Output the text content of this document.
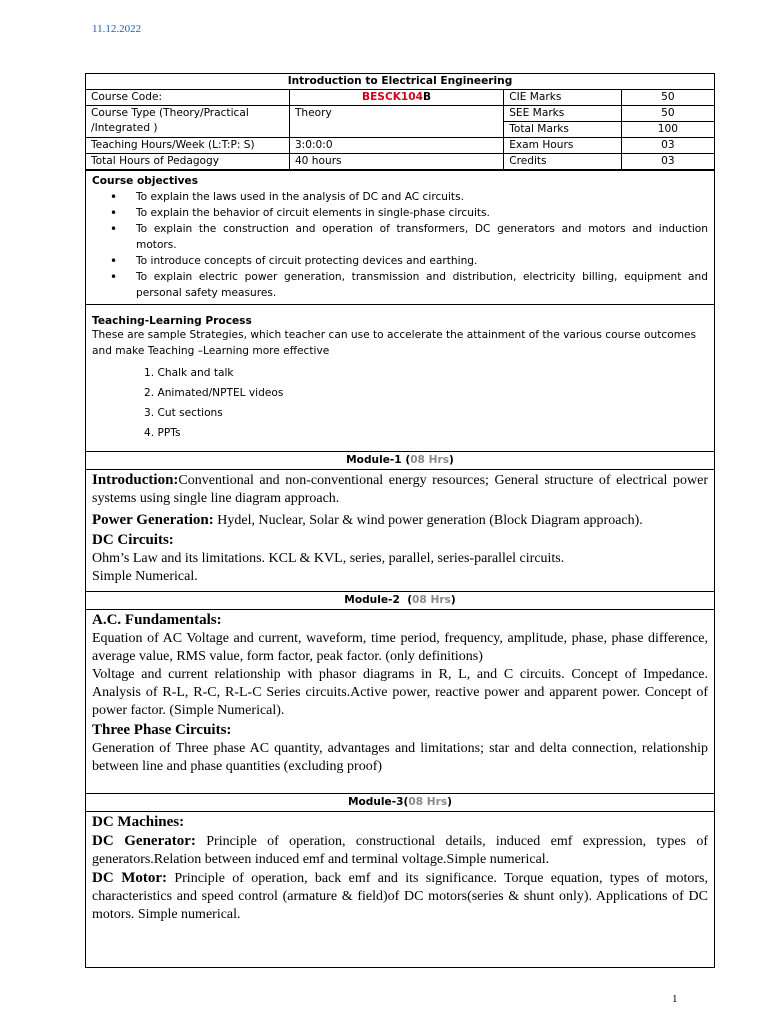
11.12.2022
Introduction to Electrical Engineering			
Course Code:	BESCK104B	CIE Marks	50
Course Type (Theory/Practical /Integrated )	Theory	SEE Marks	50
		Total Marks	100
Teaching Hours/Week (L:T:P: S)	3:0:0:0	Exam Hours	03
Total Hours of Pedagogy	40 hours	Credits	03
Course objectives
• To explain the laws used in the analysis of DC and AC circuits.
• To explain the behavior of circuit elements in single-phase circuits.
• To explain the construction and operation of transformers, DC generators and motors and induction motors.
• To introduce concepts of circuit protecting devices and earthing.
• To explain electric power generation, transmission and distribution, electricity billing, equipment and personal safety measures.
Teaching-Learning Process
These are sample Strategies, which teacher can use to accelerate the attainment of the various course outcomes and make Teaching –Learning more effective
1. Chalk and talk
2. Animated/NPTEL videos
3. Cut sections
4. PPTs
Module-1 (08 Hrs)

Introduction:Conventional and non-conventional energy resources; General structure of electrical power systems using single line diagram approach.

Power Generation: Hydel, Nuclear, Solar & wind power generation (Block Diagram approach).

DC Circuits:

Ohm’s Law and its limitations. KCL & KVL, series, parallel, series-parallel circuits.

Simple Numerical.

Module-2  (08 Hrs)
A.C. Fundamentals:

Equation of AC Voltage and current, waveform, time period, frequency, amplitude, phase, phase difference, average value, RMS value, form factor, peak factor. (only definitions)

Voltage and current relationship with phasor diagrams in R, L, and C circuits. Concept of Impedance. Analysis of R-L, R-C, R-L-C Series circuits.Active power, reactive power and apparent power. Concept of power factor. (Simple Numerical).

Three Phase Circuits:

Generation of Three phase AC quantity, advantages and limitations; star and delta connection, relationship between line and phase quantities (excluding proof)

Module-3(08 Hrs)
DC Machines:

DC Generator: Principle of operation, constructional details, induced emf expression, types of generators.Relation between induced emf and terminal voltage.Simple numerical.

DC Motor: Principle of operation, back emf and its significance. Torque equation, types of motors, characteristics and speed control (armature & field)of DC motors(series & shunt only). Applications of DC motors. Simple numerical.

1
